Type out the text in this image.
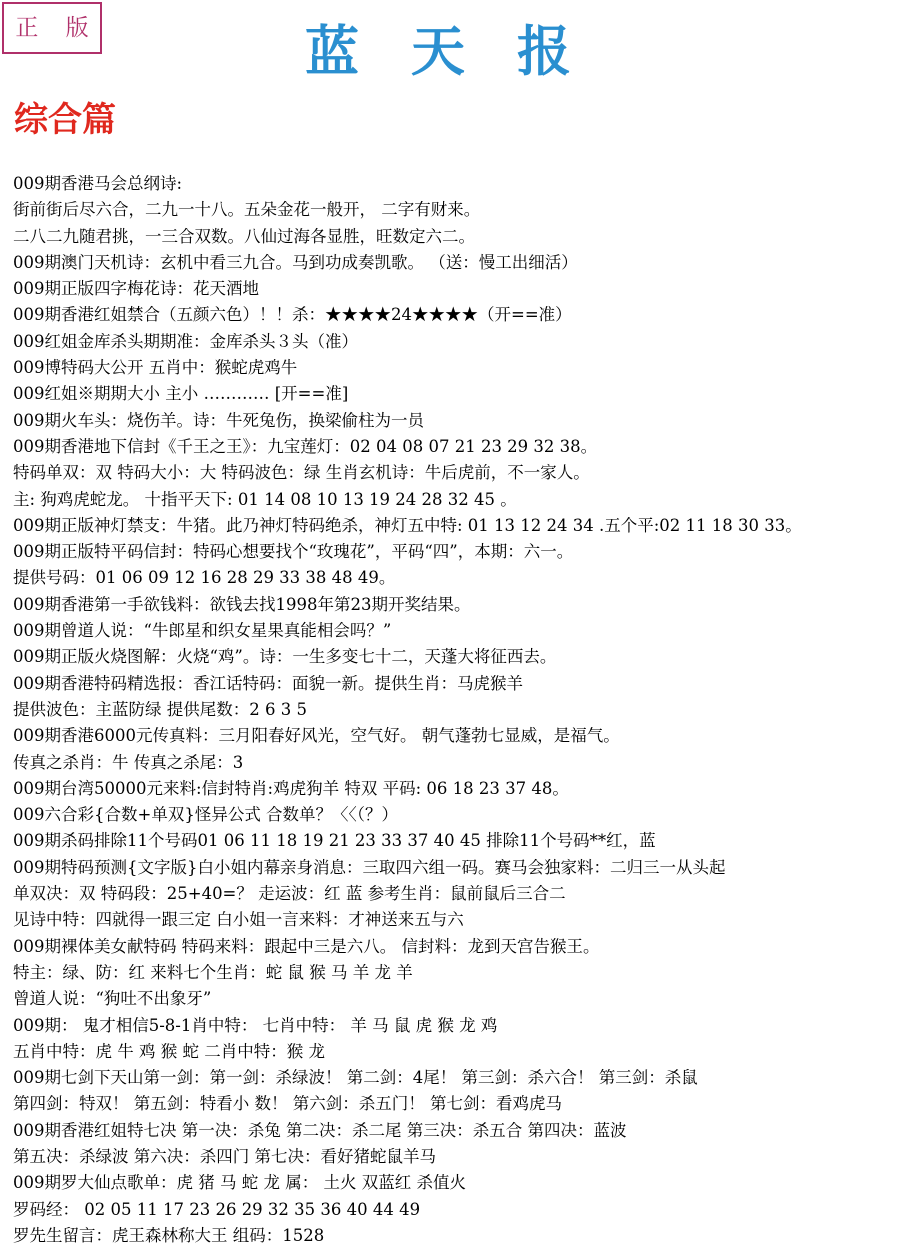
正 版	蓝天报
综合篇
009期香港马会总纲诗:
街前街后尽六合，二九一十八。五朵金花一般开， 二字有财来。
二八二九随君挑，一三合双数。八仙过海各显胜，旺数定六二。
009期澳门天机诗：玄机中看三九合。马到功成奏凯歌。 （送：慢工出细活）
009期正版四字梅花诗：花天酒地
009期香港红姐禁合（五颜六色）！！杀：★★★★24★★★★（开==准）
009红姐金库杀头期期准：金库杀头３头（准）
009博特码大公开 五肖中：猴蛇虎鸡牛
009红姐※期期大小 主小 ………… [开==准]
009期火车头：烧伤羊。诗：牛死兔伤，换梁偷柱为一员
009期香港地下信封《千王之王》：九宝莲灯：02 04 08 07 21 23 29 32 38。
特码单双：双 特码大小：大 特码波色：绿 生肖玄机诗：牛后虎前，不一家人。
主: 狗鸡虎蛇龙。 十指平天下: 01 14 08 10 13 19 24 28 32 45 。
009期正版神灯禁支：牛猪。此乃神灯特码绝杀，神灯五中特: 01 13 12 24 34 .五个平:02 11 18 30 33。
009期正版特平码信封：特码心想要找个“玫瑰花”，平码“四”，本期：六一。
提供号码：01 06 09 12 16 28 29 33 38 48 49。
009期香港第一手欲钱料：欲钱去找1998年第23期开奖结果。
009期曾道人说：“牛郎星和织女星果真能相会吗？”
009期正版火烧图解：火烧“鸡”。诗：一生多变七十二，天蓬大将征西去。
009期香港特码精选报：香江话特码：面貌一新。提供生肖：马虎猴羊
提供波色：主蓝防绿 提供尾数：2 6 3 5
009期香港6000元传真料：三月阳春好风光，空气好。 朝气蓬勃七显威，是福气。
传真之杀肖：牛 传真之杀尾：3
009期台湾50000元来料:信封特肖:鸡虎狗羊 特双 平码: 06 18 23 37 48。
009六合彩{合数+单双}怪异公式 合数单？〈〈（？）
009期杀码排除11个号码01 06 11 18 19 21 23 33 37 40 45 排除11个号码**红，蓝
009期特码预测{文字版}白小姐内幕亲身消息：三取四六组一码。赛马会独家料：二归三一从头起
单双决：双 特码段：25+40=？ 走运波：红 蓝 参考生肖：鼠前鼠后三合二
见诗中特：四就得一跟三定 白小姐一言来料：才神送来五与六
009期裸体美女献特码 特码来料：跟起中三是六八。 信封料：龙到天宫告猴王。
特主：绿、防：红 来料七个生肖：蛇 鼠 猴 马 羊 龙 羊
曾道人说：“狗吐不出象牙”
009期： 鬼才相信5-8-1肖中特： 七肖中特： 羊 马 鼠 虎 猴 龙 鸡
五肖中特：虎 牛 鸡 猴 蛇 二肖中特：猴 龙
009期七剑下天山第一剑：第一剑：杀绿波！ 第二剑：4尾！ 第三剑：杀六合！ 第三剑：杀鼠
第四剑：特双！ 第五剑：特看小 数！ 第六剑：杀五门！ 第七剑：看鸡虎马
009期香港红姐特七决 第一决：杀兔 第二决：杀二尾 第三决：杀五合 第四决：蓝波
第五决：杀绿波 第六决：杀四门 第七决：看好猪蛇鼠羊马
009期罗大仙点歌单：虎 猪 马 蛇 龙 属： 土火 双蓝红 杀值火
罗码经： 02 05 11 17 23 26 29 32 35 36 40 44 49
罗先生留言：虎王森林称大王 组码：1528
